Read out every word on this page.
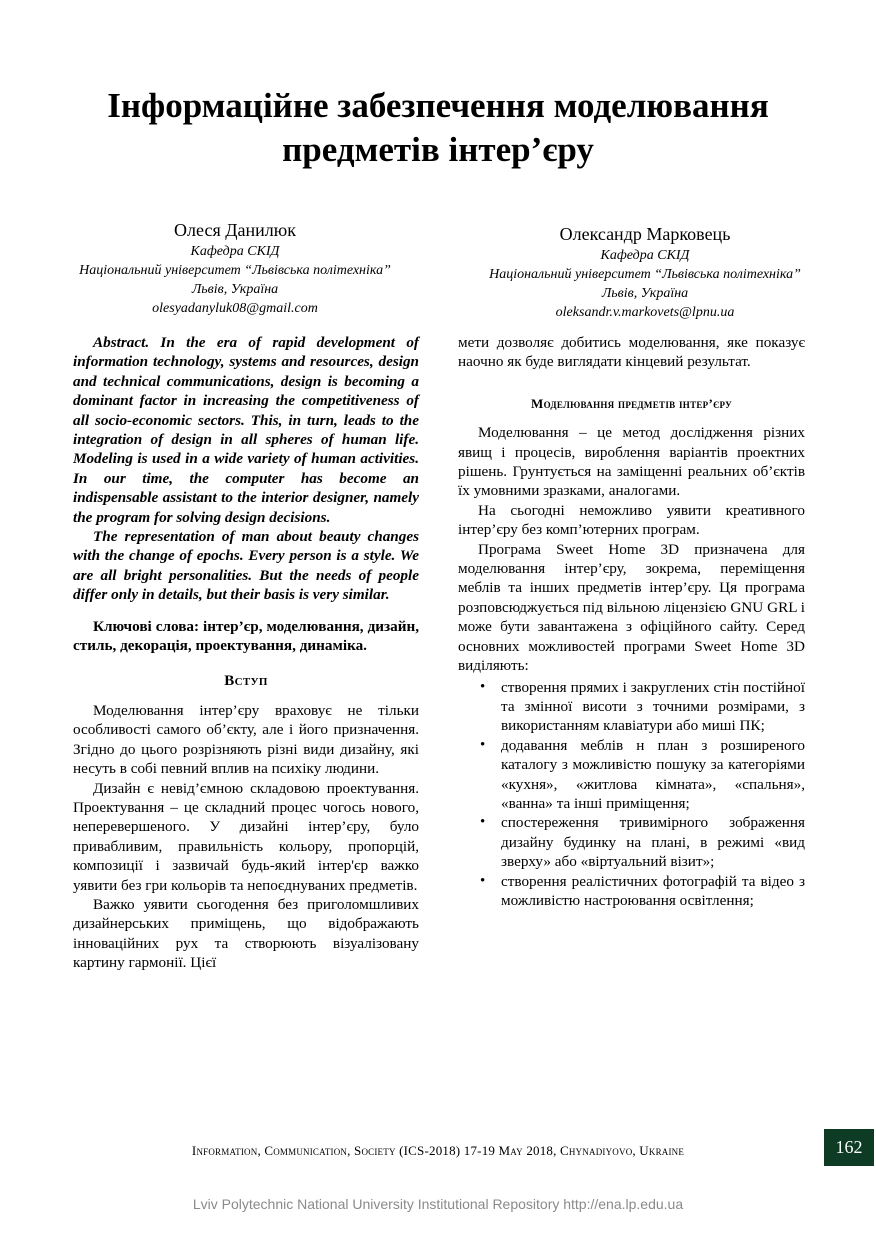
Інформаційне забезпечення моделювання
предметів інтер’єру
Олеся Данилюк
Кафедра СКІД
Національний університет “Львівська політехніка”
Львів, Україна
olesyadanyluk08@gmail.com
Олександр Марковець
Кафедра СКІД
Національний університет “Львівська політехніка”
Львів, Україна
oleksandr.v.markovets@lpnu.ua

Abstract. In the era of rapid development of information technology, systems and resources, design and technical communications, design is becoming a dominant factor in increasing the competitiveness of all socio-economic sectors. This, in turn, leads to the integration of design in all spheres of human life. Modeling is used in a wide variety of human activities. In our time, the computer has become an indispensable assistant to the interior designer, namely the program for solving design decisions.

The representation of man about beauty changes with the change of epochs. Every person is a style. We are all bright personalities. But the needs of people differ only in details, but their basis is very similar.

Ключові слова: інтер’єр, моделювання, дизайн, стиль, декорація, проектування, динаміка.

Вступ

Моделювання інтер’єру враховує не тільки особливості самого об’єкту, але і його призначення. Згідно до цього розрізняють різні види дизайну, які несуть в собі певний вплив на психіку людини.

Дизайн є невід’ємною складовою проектування. Проектування – це складний процес чогось нового, неперевершеного. У дизайні інтер’єру, було привабливим, правильність кольору, пропорцій, композиції і зазвичай будь-який інтер'єр важко уявити без гри кольорів та непоєднуваних предметів.

Важко уявити сьогодення без приголомшливих дизайнерських приміщень, що відображають інноваційних рух та створюють візуалізовану картину гармонії. Цієї

мети дозволяє добитись моделювання, яке показує наочно як буде виглядати кінцевий результат.

Моделювання предметів інтер’єру

Моделювання – це метод дослідження різних явищ і процесів, вироблення варіантів проектних рішень. Грунтується на заміщенні реальних об’єктів їх умовними зразками, аналогами.

На сьогодні неможливо уявити креативного інтер’єру без комп’ютерних програм.

Програма Sweet Home 3D призначена для моделювання інтер’єру, зокрема, переміщення меблів та інших предметів інтер’єру. Ця програма розповсюджується під вільною ліцензією GNU GRL і може бути завантажена з офіційного сайту. Серед основних можливостей програми Sweet Home 3D виділяють:

• створення прямих і закруглених стін постійної та змінної висоти з точними розмірами, з використанням клавіатури або миші ПК;
• додавання меблів н план з розширеного каталогу з можливістю пошуку за категоріями «кухня», «житлова кімната», «спальня», «ванна» та інші приміщення;
• спостереження тривимірного зображення дизайну будинку на плані, в режимі «вид зверху» або «віртуальний візит»;
• створення реалістичних фотографій та відео з можливістю настроювання освітлення;
Information, Communication, Society (ICS-2018) 17-19 May 2018, Chynadiyovo, Ukraine	162
Lviv Polytechnic National University Institutional Repository http://ena.lp.edu.ua
